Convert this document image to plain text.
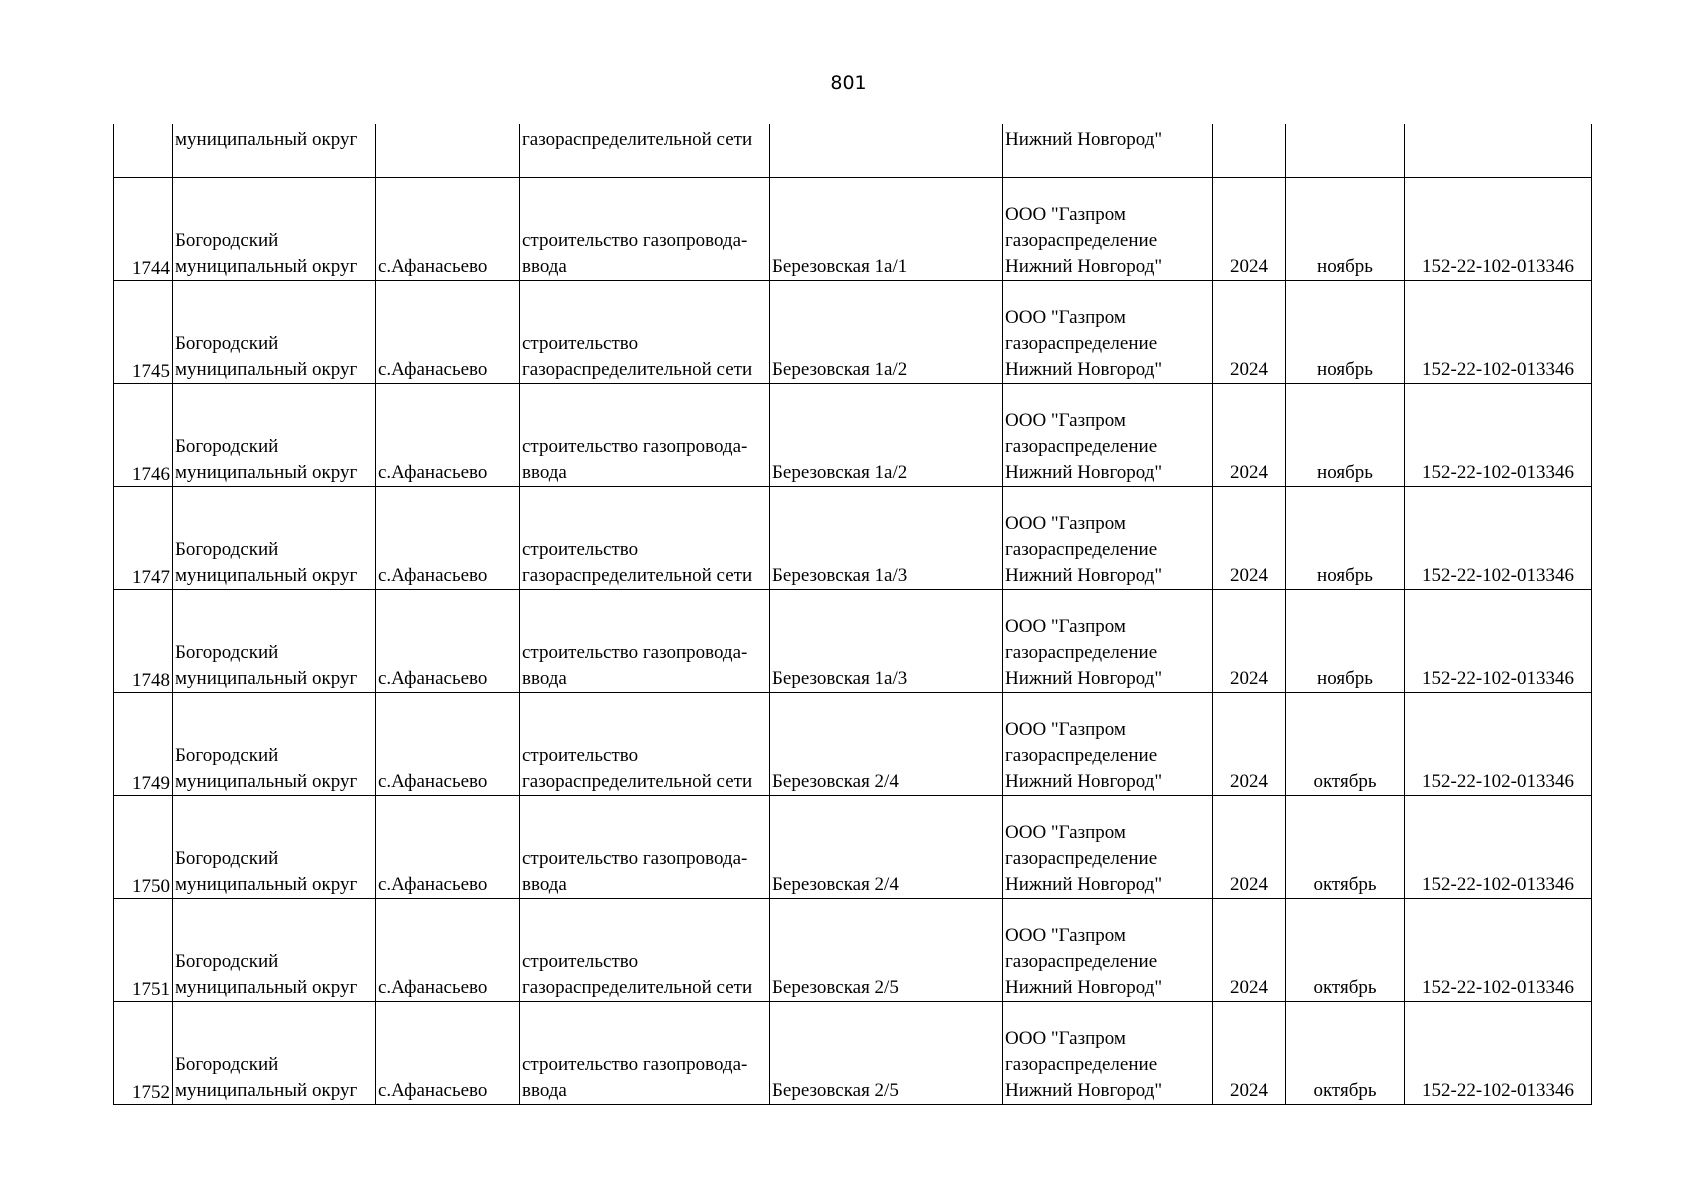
801

	муниципальный округ		газораспределительной сети		Нижний Новгород"			

1744	Богородский
муниципальный округ	с.Афанасьево	строительство газопровода-
ввода	Березовская 1а/1	ООО "Газпром
газораспределение
Нижний Новгород"	2024	ноябрь	152-22-102-013346

1745	Богородский
муниципальный округ	с.Афанасьево	строительство
газораспределительной сети	Березовская 1а/2	ООО "Газпром
газораспределение
Нижний Новгород"	2024	ноябрь	152-22-102-013346

1746	Богородский
муниципальный округ	с.Афанасьево	строительство газопровода-
ввода	Березовская 1а/2	ООО "Газпром
газораспределение
Нижний Новгород"	2024	ноябрь	152-22-102-013346

1747	Богородский
муниципальный округ	с.Афанасьево	строительство
газораспределительной сети	Березовская 1а/3	ООО "Газпром
газораспределение
Нижний Новгород"	2024	ноябрь	152-22-102-013346

1748	Богородский
муниципальный округ	с.Афанасьево	строительство газопровода-
ввода	Березовская 1а/3	ООО "Газпром
газораспределение
Нижний Новгород"	2024	ноябрь	152-22-102-013346

1749	Богородский
муниципальный округ	с.Афанасьево	строительство
газораспределительной сети	Березовская 2/4	ООО "Газпром
газораспределение
Нижний Новгород"	2024	октябрь	152-22-102-013346

1750	Богородский
муниципальный округ	с.Афанасьево	строительство газопровода-
ввода	Березовская 2/4	ООО "Газпром
газораспределение
Нижний Новгород"	2024	октябрь	152-22-102-013346

1751	Богородский
муниципальный округ	с.Афанасьево	строительство
газораспределительной сети	Березовская 2/5	ООО "Газпром
газораспределение
Нижний Новгород"	2024	октябрь	152-22-102-013346

1752	Богородский
муниципальный округ	с.Афанасьево	строительство газопровода-
ввода	Березовская 2/5	ООО "Газпром
газораспределение
Нижний Новгород"	2024	октябрь	152-22-102-013346
